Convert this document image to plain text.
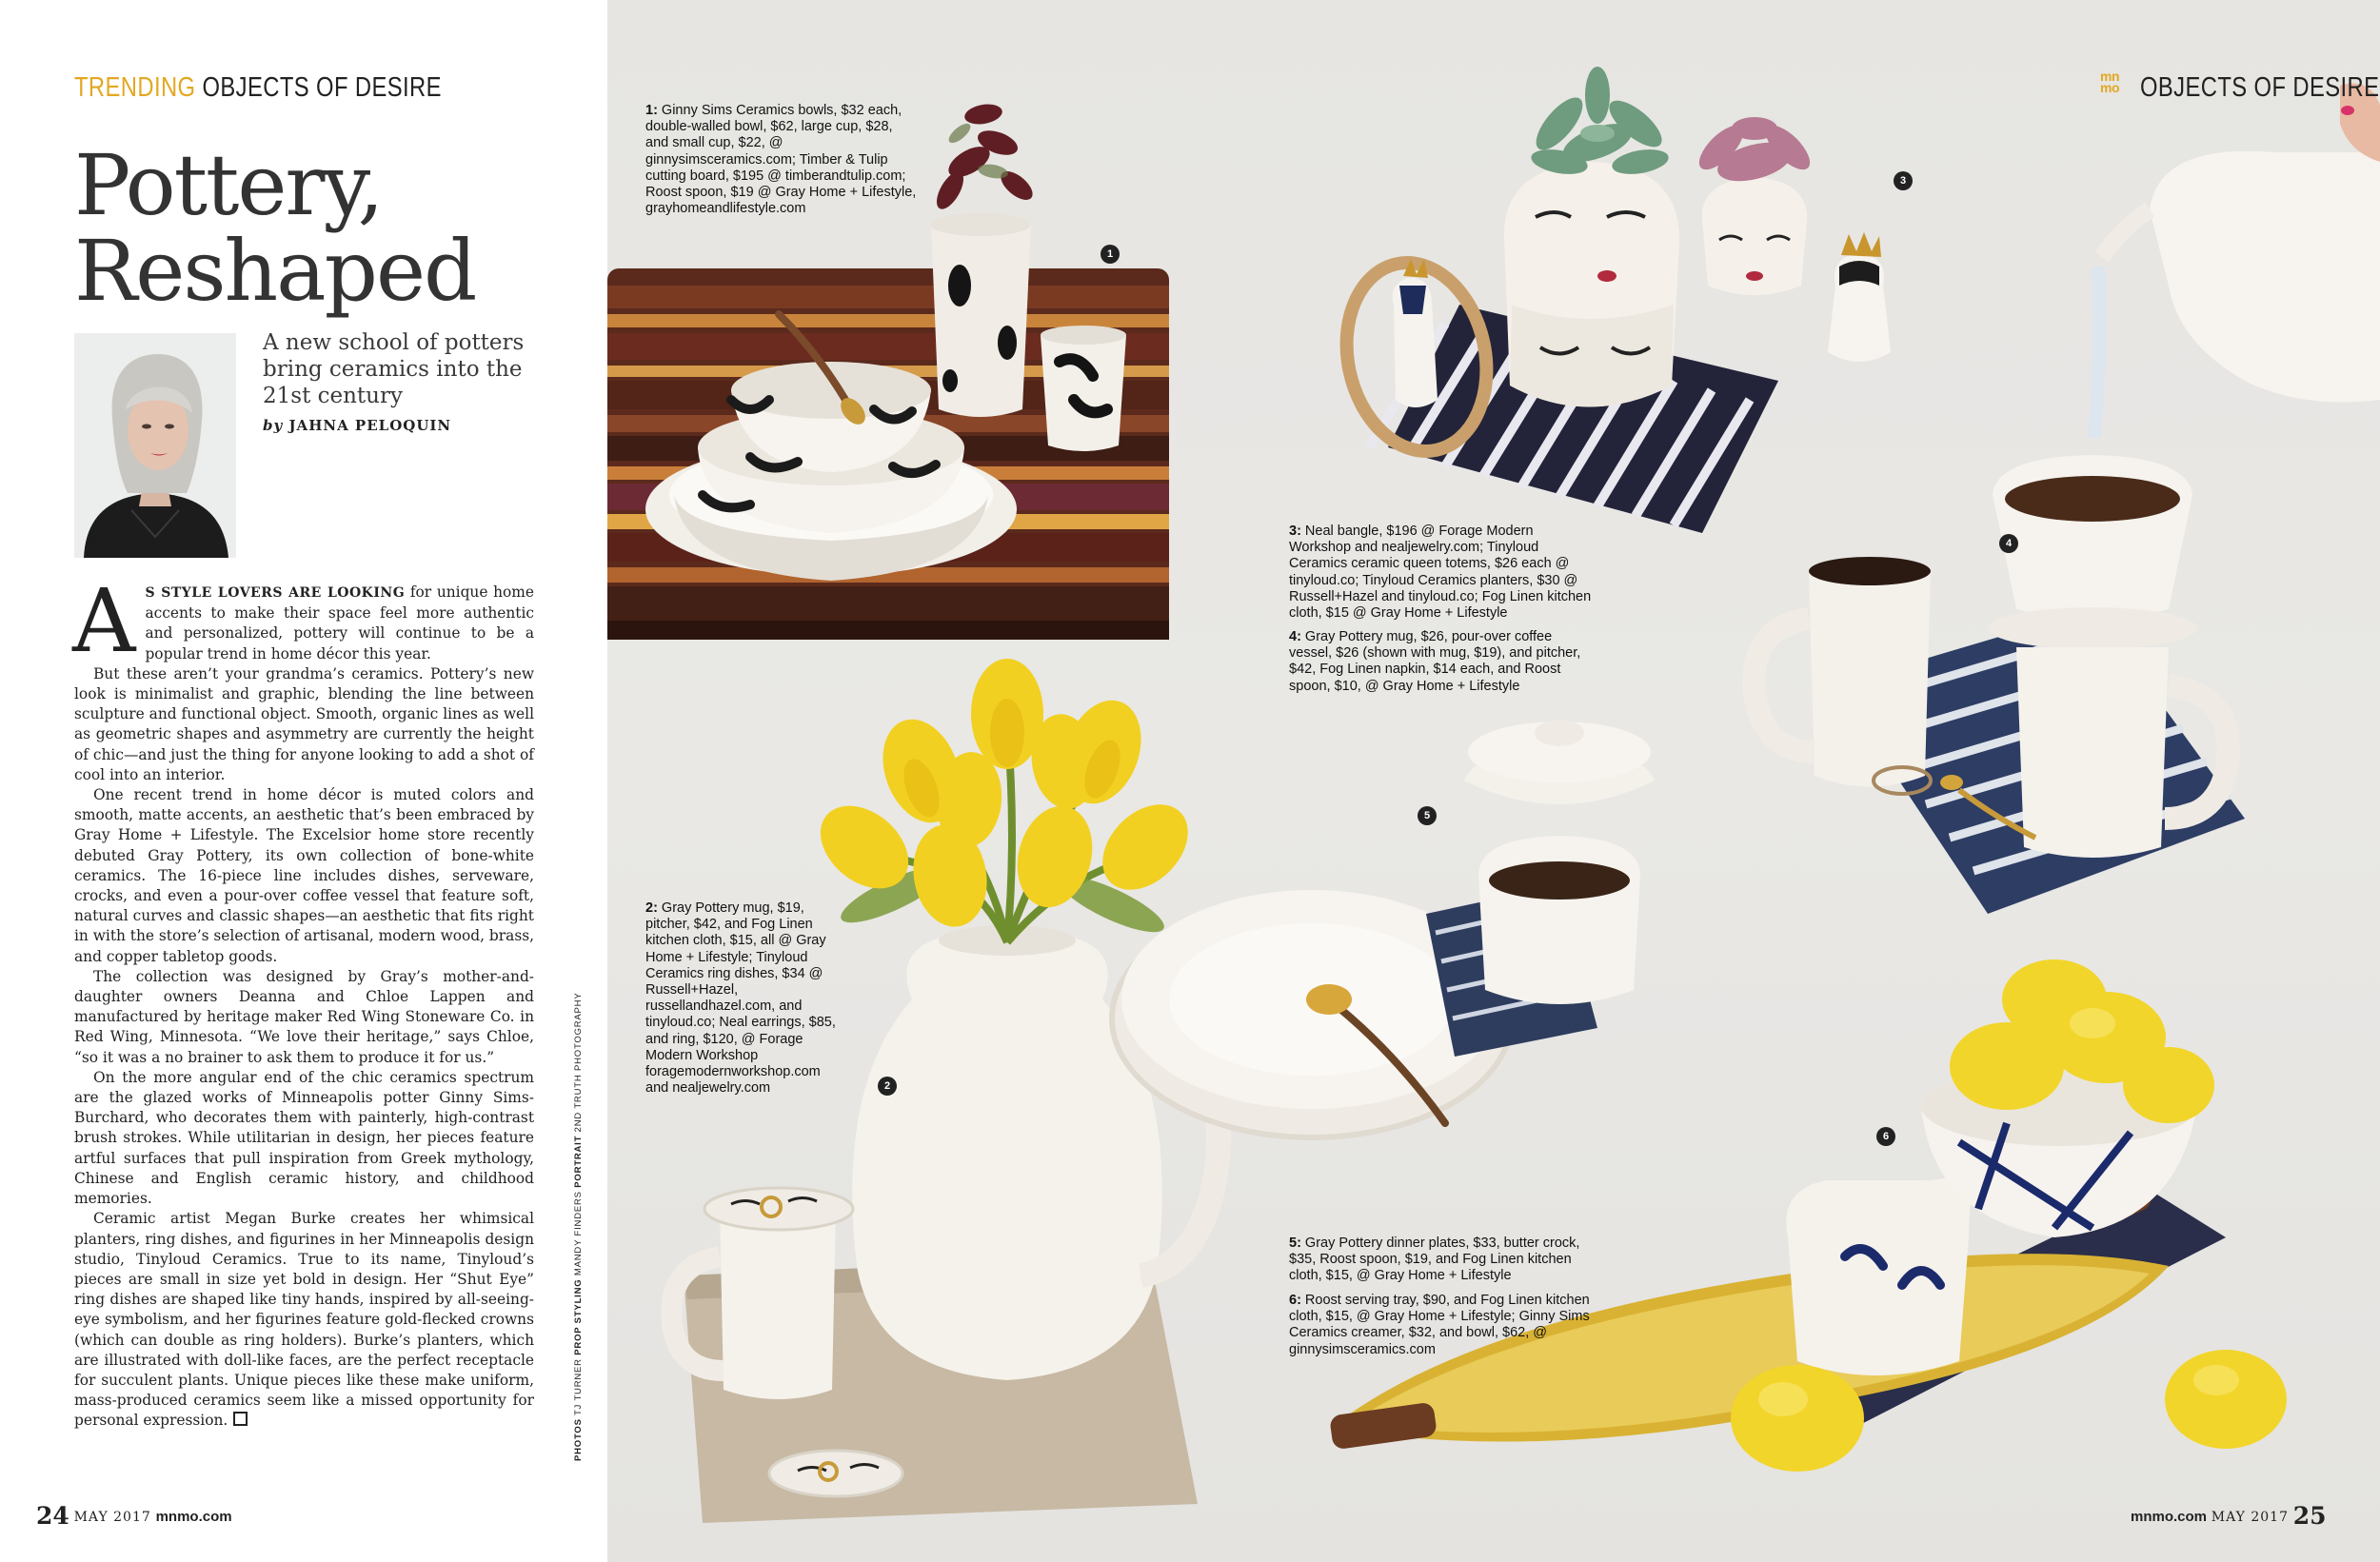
TRENDING OBJECTS OF DESIRE
Pottery,
Reshaped
A new school of potters bring ceramics into the 21st century
by JAHNA PELOQUIN

A S STYLE LOVERS ARE LOOKING for unique home accents to make their space feel more authentic and personalized, pottery will continue to be a popular trend in home décor this year.

But these aren’t your grandma’s ceramics. Pottery’s new look is minimalist and graphic, blending the line between sculpture and functional object. Smooth, organic lines as well as geometric shapes and asymmetry are currently the height of chic—and just the thing for anyone looking to add a shot of cool into an interior.

One recent trend in home décor is muted colors and smooth, matte accents, an aesthetic that’s been embraced by Gray Home + Lifestyle. The Excelsior home store recently debuted Gray Pottery, its own collection of bone-white ceramics. The 16-piece line includes dishes, serveware, crocks, and even a pour-over coffee vessel that feature soft, natural curves and classic shapes—an aesthetic that fits right in with the store’s selection of artisanal, modern wood, brass, and copper tabletop goods.

The collection was designed by Gray’s mother-and-daughter owners Deanna and Chloe Lappen and manufactured by heritage maker Red Wing Stoneware Co. in Red Wing, Minnesota. “We love their heritage,” says Chloe, “so it was a no brainer to ask them to produce it for us.”

On the more angular end of the chic ceramics spectrum are the glazed works of Minneapolis potter Ginny Sims-Burchard, who decorates them with painterly, high-contrast brush strokes. While utilitarian in design, her pieces feature artful surfaces that pull inspiration from Greek mythology, Chinese and English ceramic history, and childhood memories.

Ceramic artist Megan Burke creates her whimsical planters, ring dishes, and figurines in her Minneapolis design studio, Tinyloud Ceramics. True to its name, Tinyloud’s pieces are small in size yet bold in design. Her “Shut Eye” ring dishes are shaped like tiny hands, inspired by all-seeing-eye symbolism, and her figurines feature gold-flecked crowns (which can double as ring holders). Burke’s planters, which are illustrated with doll-like faces, are the perfect receptacle for succulent plants. Unique pieces like these make uniform, mass-produced ceramics seem like a missed opportunity for personal expression.	PHOTOS TJ TURNER PROP STYLING MANDY FINDERS PORTRAIT 2ND TRUTH PHOTOGRAPHY
24 MAY 2017 mnmo.com
mn
mo OBJECTS OF DESIRE
1: Ginny Sims Ceramics bowls, $32 each, double-walled bowl, $62, large cup, $28, and small cup, $22, @ ginnysimsceramics.com; Timber & Tulip cutting board, $195 @ timberandtulip.com; Roost spoon, $19 @ Gray Home + Lifestyle, grayhomeandlifestyle.com
3: Neal bangle, $196 @ Forage Modern Workshop and nealjewelry.com; Tinyloud Ceramics ceramic queen totems, $26 each @ tinyloud.co; Tinyloud Ceramics planters, $30 @ Russell+Hazel and tinyloud.co; Fog Linen kitchen cloth, $15 @ Gray Home + Lifestyle
4: Gray Pottery mug, $26, pour-over coffee vessel, $26 (shown with mug, $19), and pitcher, $42, Fog Linen napkin, $14 each, and Roost spoon, $10, @ Gray Home + Lifestyle
2: Gray Pottery mug, $19, pitcher, $42, and Fog Linen kitchen cloth, $15, all @ Gray Home + Lifestyle; Tinyloud Ceramics ring dishes, $34 @ Russell+Hazel, russellandhazel.com, and tinyloud.co; Neal earrings, $85, and ring, $120, @ Forage Modern Workshop foragemodernworkshop.com and nealjewelry.com
5: Gray Pottery dinner plates, $33, butter crock, $35, Roost spoon, $19, and Fog Linen kitchen cloth, $15, @ Gray Home + Lifestyle
6: Roost serving tray, $90, and Fog Linen kitchen cloth, $15, @ Gray Home + Lifestyle; Ginny Sims Ceramics creamer, $32, and bowl, $62, @ ginnysimsceramics.com
1
2
3
4
5
6
mnmo.com MAY 2017 25
